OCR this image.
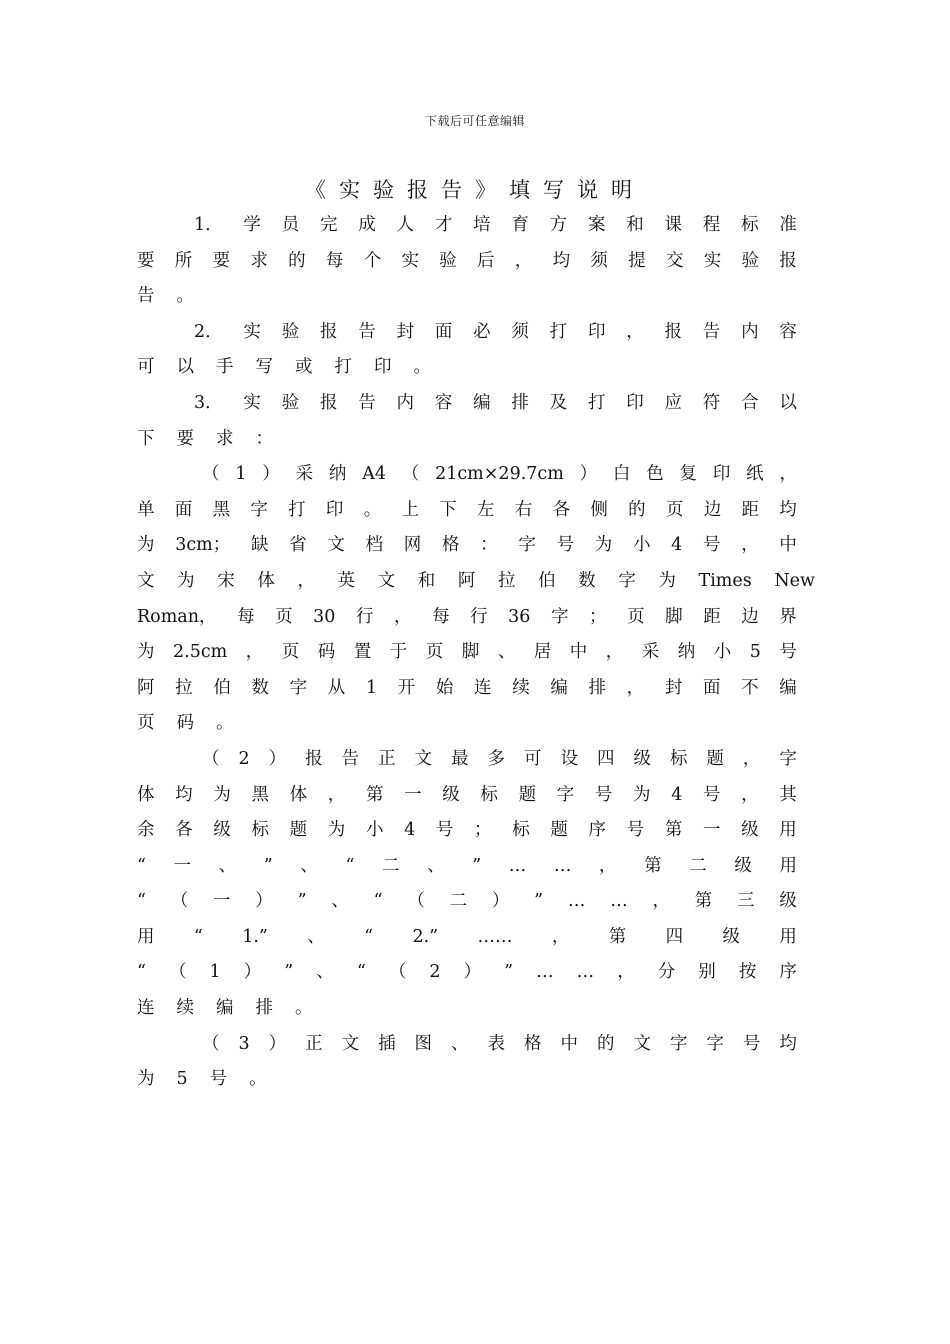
下载后可任意编辑
《实验报告》填写说明
1． 学 员 完 成 人 才 培 育 方 案 和 课 程 标 准
要 所 要 求 的 每 个 实 验 后 ， 均 须 提 交 实 验 报
告 。
2． 实 验 报 告 封 面 必 须 打 印 ， 报 告 内 容
可 以 手 写 或 打 印 。
3． 实 验 报 告 内 容 编 排 及 打 印 应 符 合 以
下 要 求 ：
（ 1 ） 采 纳 A4 （ 21cm×29.7cm ） 白 色 复 印 纸 ，
单 面 黑 字 打 印 。 上 下 左 右 各 侧 的 页 边 距 均
为 3cm； 缺 省 文 档 网 格 ： 字 号 为 小 4 号 ， 中
文 为 宋 体 ， 英 文 和 阿 拉 伯 数 字 为 Times New
Roman， 每 页 30 行 ， 每 行 36 字 ； 页 脚 距 边 界
为 2.5cm ， 页 码 置 于 页 脚 、 居 中 ， 采 纳 小 5 号
阿 拉 伯 数 字 从 1 开 始 连 续 编 排 ， 封 面 不 编
页 码 。
（ 2 ） 报 告 正 文 最 多 可 设 四 级 标 题 ， 字
体 均 为 黑 体 ， 第 一 级 标 题 字 号 为 4 号 ， 其
余 各 级 标 题 为 小 4 号 ； 标 题 序 号 第 一 级 用
“ 一 、 ” 、 “ 二 、 ” … … ， 第 二 级 用
“ （ 一 ） ” 、 “ （ 二 ） ” … … ， 第 三 级
用 “ 1.” 、 “ 2.” …… ， 第 四 级 用
“ （ 1 ） ” 、 “ （ 2 ） ” … … ， 分 别 按 序
连 续 编 排 。
（ 3 ） 正 文 插 图 、 表 格 中 的 文 字 字 号 均
为 5 号 。
